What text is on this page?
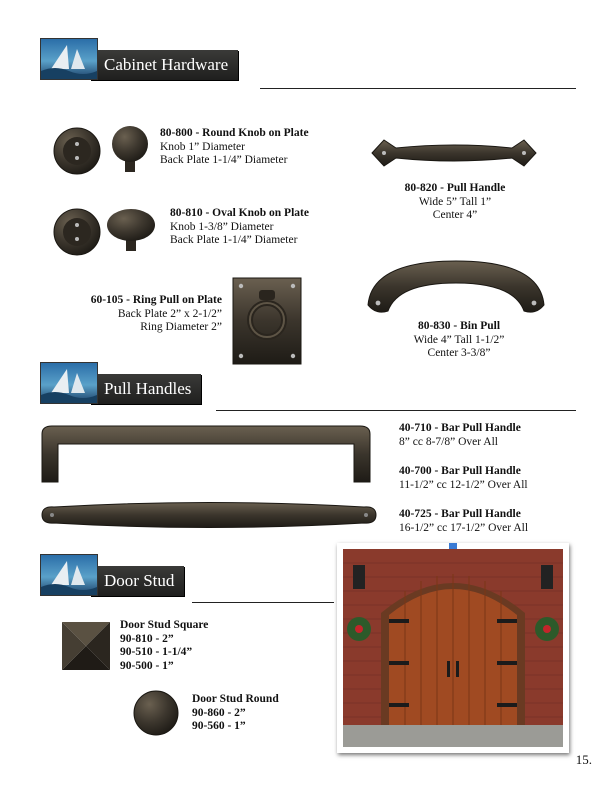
Cabinet Hardware
80-800 - Round Knob on Plate
Knob 1” Diameter
Back Plate 1-1/4” Diameter
80-810 - Oval Knob on Plate
Knob 1-3/8” Diameter
Back Plate 1-1/4” Diameter
60-105 - Ring Pull on Plate
Back Plate 2” x 2-1/2”
Ring Diameter 2”
80-820 - Pull Handle
Wide 5” Tall 1”
Center 4”
80-830 - Bin Pull
Wide 4” Tall 1-1/2”
Center 3-3/8”
Pull Handles
40-710 - Bar Pull Handle
8” cc 8-7/8” Over All
40-700 - Bar Pull Handle
11-1/2” cc 12-1/2” Over All
40-725 - Bar Pull Handle
16-1/2” cc 17-1/2” Over All
Door Stud
Door Stud Square
90-810 - 2”
90-510 - 1-1/4”
90-500 - 1”
Door Stud Round
90-860 - 2”
90-560 - 1”
15.
